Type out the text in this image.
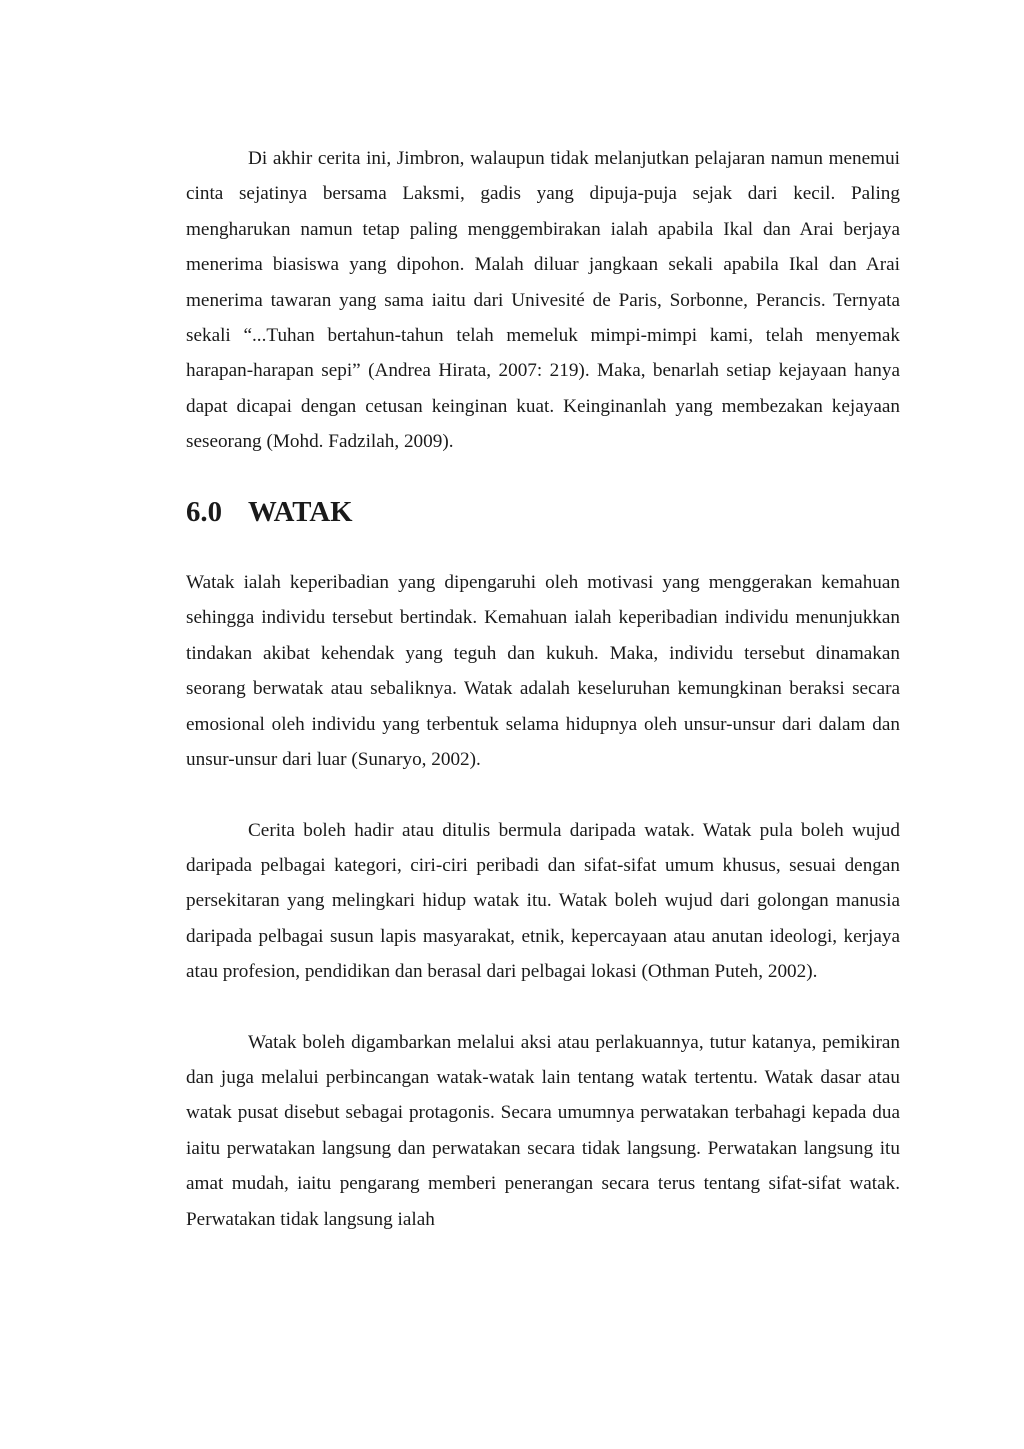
Di akhir cerita ini, Jimbron, walaupun tidak melanjutkan pelajaran namun menemui cinta sejatinya bersama Laksmi, gadis yang dipuja-puja sejak dari kecil. Paling mengharukan namun tetap paling menggembirakan ialah apabila Ikal dan Arai berjaya menerima biasiswa yang dipohon. Malah diluar jangkaan sekali apabila Ikal dan Arai menerima tawaran yang sama iaitu dari Univesité de Paris, Sorbonne, Perancis. Ternyata sekali “...Tuhan bertahun-tahun telah memeluk mimpi-mimpi kami, telah menyemak harapan-harapan sepi” (Andrea Hirata, 2007: 219). Maka, benarlah setiap kejayaan hanya dapat dicapai dengan cetusan keinginan kuat. Keinginanlah yang membezakan kejayaan seseorang (Mohd. Fadzilah, 2009).

6.0 WATAK

Watak ialah keperibadian yang dipengaruhi oleh motivasi yang menggerakan kemahuan sehingga individu tersebut bertindak. Kemahuan ialah keperibadian individu menunjukkan tindakan akibat kehendak yang teguh dan kukuh. Maka, individu tersebut dinamakan seorang berwatak atau sebaliknya. Watak adalah keseluruhan kemungkinan beraksi secara emosional oleh individu yang terbentuk selama hidupnya oleh unsur-unsur dari dalam dan unsur-unsur dari luar (Sunaryo, 2002).

Cerita boleh hadir atau ditulis bermula daripada watak. Watak pula boleh wujud daripada pelbagai kategori, ciri-ciri peribadi dan sifat-sifat umum khusus, sesuai dengan persekitaran yang melingkari hidup watak itu. Watak boleh wujud dari golongan manusia daripada pelbagai susun lapis masyarakat, etnik, kepercayaan atau anutan ideologi, kerjaya atau profesion, pendidikan dan berasal dari pelbagai lokasi (Othman Puteh, 2002).

Watak boleh digambarkan melalui aksi atau perlakuannya, tutur katanya, pemikiran dan juga melalui perbincangan watak-watak lain tentang watak tertentu. Watak dasar atau watak pusat disebut sebagai protagonis. Secara umumnya perwatakan terbahagi kepada dua iaitu perwatakan langsung dan perwatakan secara tidak langsung. Perwatakan langsung itu amat mudah, iaitu pengarang memberi penerangan secara terus tentang sifat-sifat watak. Perwatakan tidak langsung ialah
